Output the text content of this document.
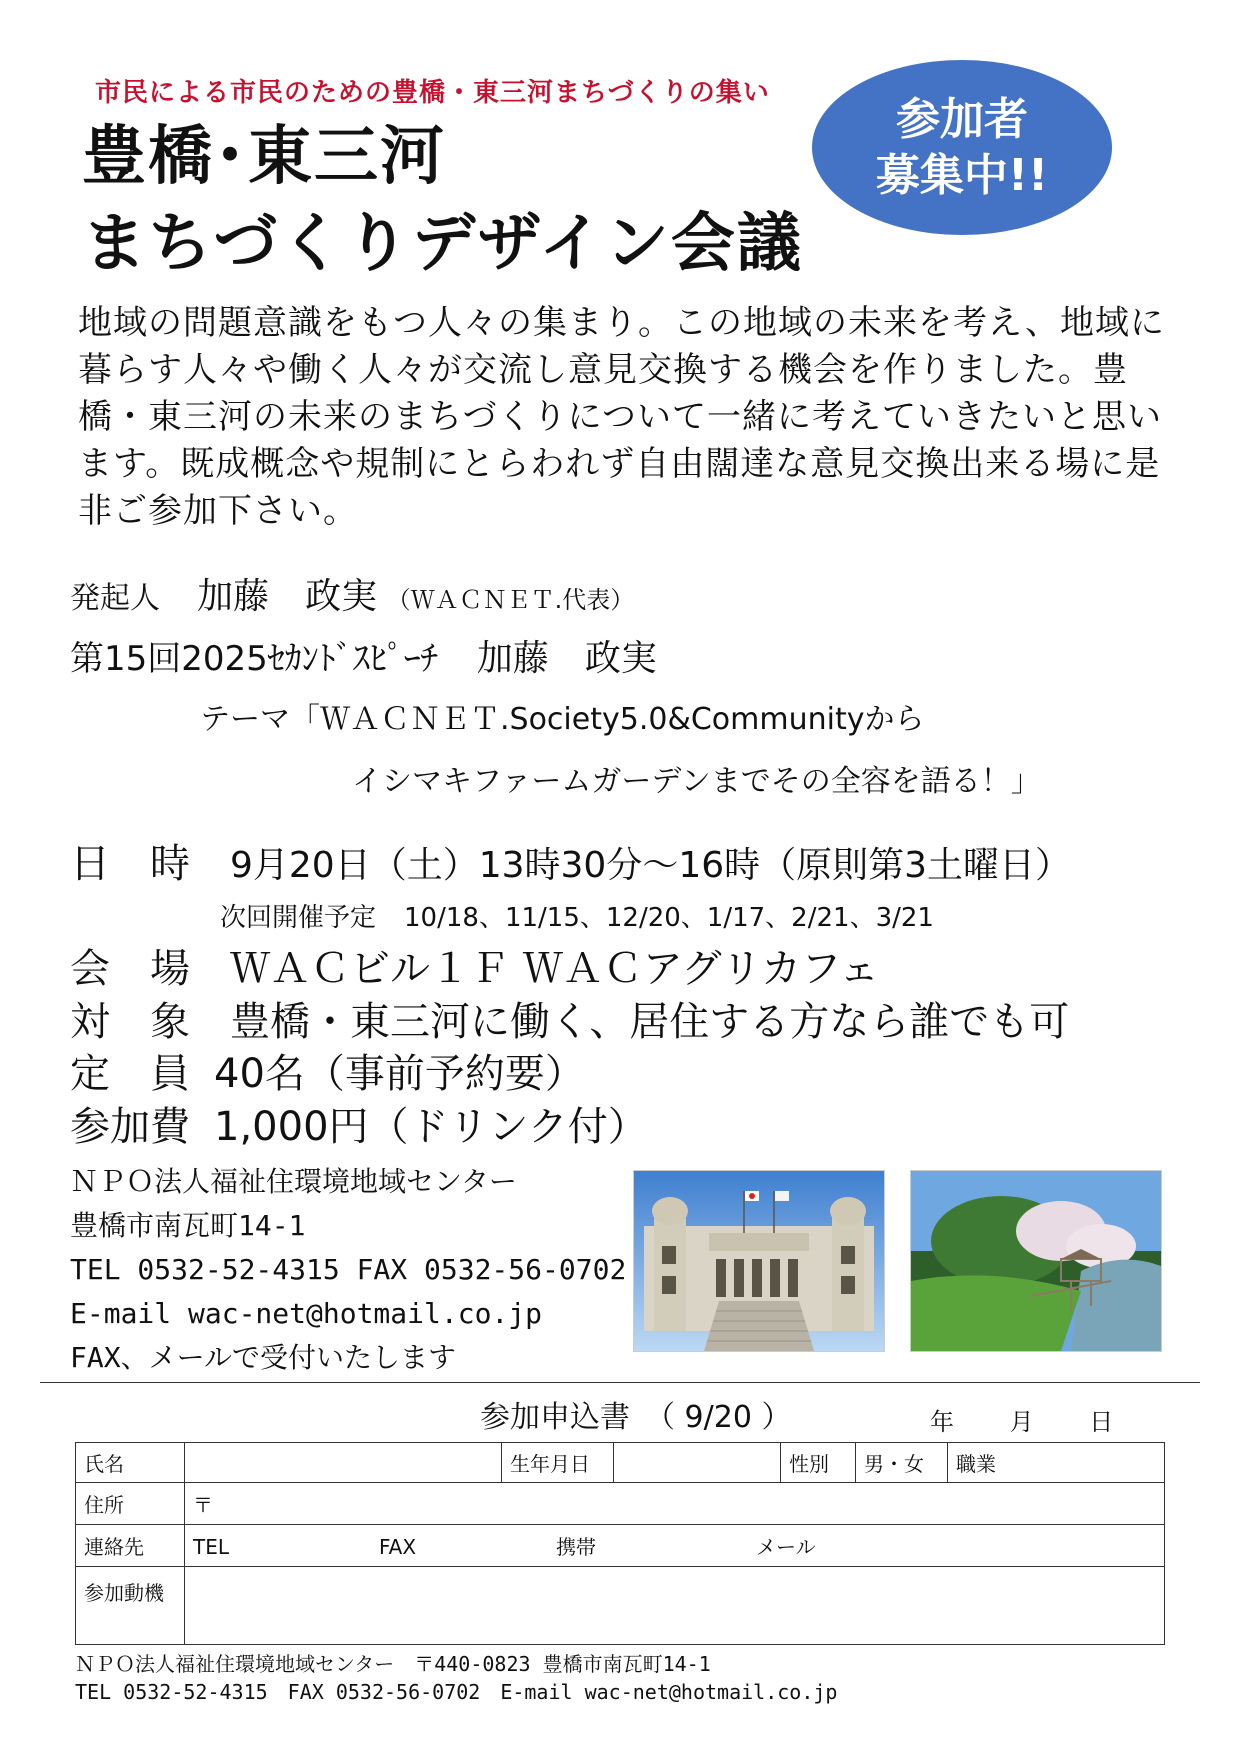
市民による市民のための豊橋・東三河まちづくりの集い
豊橋･東三河
まちづくりデザイン会議
参加者
募集中!!

地域の問題意識をもつ人々の集まり。この地域の未来を考え、地域に暮らす人々や働く人々が交流し意見交換する機会を作りました。豊橋・東三河の未来のまちづくりについて一緒に考えていきたいと思います。既成概念や規制にとらわれず自由闊達な意見交換出来る場に是非ご参加下さい。

発起人 加藤　政実 （ＷＡＣＮＥＴ.代表）
第15回2025ｾｶﾝﾄﾞｽﾋﾟｰﾁ 加藤　政実
テーマ「ＷＡＣＮＥＴ.Society5.0&Communityから
イシマキファームガーデンまでその全容を語る！」
日　時 9月20日（土）13時30分～16時（原則第3土曜日）
次回開催予定 10/18、11/15、12/20、1/17、2/21、3/21
会　場 ＷＡＣビル１Ｆ ＷＡＣアグリカフェ
対　象 豊橋・東三河に働く、居住する方なら誰でも可
定　員 40名（事前予約要）
参加費 1,000円（ドリンク付）
ＮＰＯ法人福祉住環境地域センター
豊橋市南瓦町14-1
TEL 0532-52-4315 FAX 0532-56-0702
E-mail wac-net@hotmail.co.jp
FAX、メールで受付いたします
参加申込書　（ 9/20 ）	年 月 日
氏名		生年月日		性別	男・女	職業
住所	〒					
連絡先	TEL FAX 携帯 メール					
参加動機						
ＮＰＯ法人福祉住環境地域センター　〒440-0823 豊橋市南瓦町14-1
TEL 0532-52-4315　FAX 0532-56-0702　E-mail wac-net@hotmail.co.jp
